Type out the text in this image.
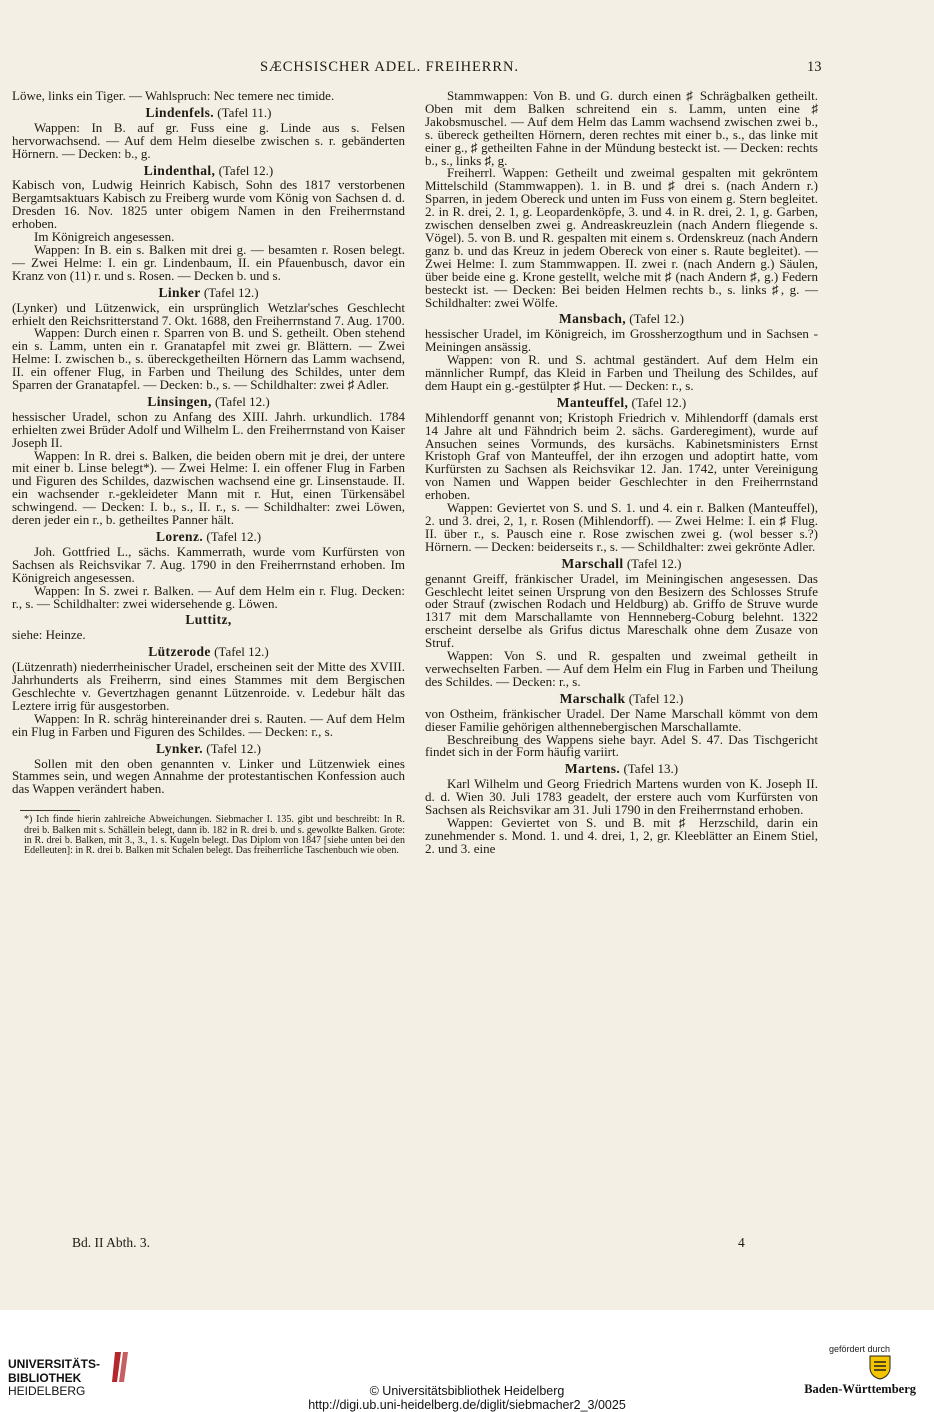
SÆCHSISCHER ADEL. FREIHERRN.	13

Löwe, links ein Tiger. — Wahlspruch: Nec temere nec timide.

Lindenfels. (Tafel 11.)

Wappen: In B. auf gr. Fuss eine g. Linde aus s. Felsen hervorwachsend. — Auf dem Helm dieselbe zwischen s. r. gebänderten Hörnern. — Decken: b., g.

Lindenthal, (Tafel 12.)

Kabisch von, Ludwig Heinrich Kabisch, Sohn des 1817 verstorbenen Bergamtsaktuars Kabisch zu Freiberg wurde vom König von Sachsen d. d. Dresden 16. Nov. 1825 unter obigem Namen in den Freiherrnstand erhoben.

Im Königreich angesessen.

Wappen: In B. ein s. Balken mit drei g. — besamten r. Rosen belegt. — Zwei Helme: I. ein gr. Lindenbaum, II. ein Pfauenbusch, davor ein Kranz von (11) r. und s. Rosen. — Decken b. und s.

Linker (Tafel 12.)

(Lynker) und Lützenwick, ein ursprünglich Wetzlar'sches Geschlecht erhielt den Reichsritterstand 7. Okt. 1688, den Freiherrnstand 7. Aug. 1700.

Wappen: Durch einen r. Sparren von B. und S. getheilt. Oben stehend ein s. Lamm, unten ein r. Granatapfel mit zwei gr. Blättern. — Zwei Helme: I. zwischen b., s. übereckgetheilten Hörnern das Lamm wachsend, II. ein offener Flug, in Farben und Theilung des Schildes, unter dem Sparren der Granatapfel. — Decken: b., s. — Schildhalter: zwei ♯ Adler.

Linsingen, (Tafel 12.)

hessischer Uradel, schon zu Anfang des XIII. Jahrh. urkundlich. 1784 erhielten zwei Brüder Adolf und Wilhelm L. den Freiherrnstand von Kaiser Joseph II.

Wappen: In R. drei s. Balken, die beiden obern mit je drei, der untere mit einer b. Linse belegt*). — Zwei Helme: I. ein offener Flug in Farben und Figuren des Schildes, dazwischen wachsend eine gr. Linsenstaude. II. ein wachsender r.-gekleideter Mann mit r. Hut, einen Türkensäbel schwingend. — Decken: I. b., s., II. r., s. — Schildhalter: zwei Löwen, deren jeder ein r., b. getheiltes Panner hält.

Lorenz. (Tafel 12.)

Joh. Gottfried L., sächs. Kammerrath, wurde vom Kurfürsten von Sachsen als Reichsvikar 7. Aug. 1790 in den Freiherrnstand erhoben. Im Königreich angesessen.

Wappen: In S. zwei r. Balken. — Auf dem Helm ein r. Flug. Decken: r., s. — Schildhalter: zwei widersehende g. Löwen.

Luttitz,

siehe: Heinze.

Lützerode (Tafel 12.)

(Lützenrath) niederrheinischer Uradel, erscheinen seit der Mitte des XVIII. Jahrhunderts als Freiherrn, sind eines Stammes mit dem Bergischen Geschlechte v. Gevertzhagen genannt Lützenroide. v. Ledebur hält das Leztere irrig für ausgestorben.

Wappen: In R. schräg hintereinander drei s. Rauten. — Auf dem Helm ein Flug in Farben und Figuren des Schildes. — Decken: r., s.

Lynker. (Tafel 12.)

Sollen mit den oben genannten v. Linker und Lützenwiek eines Stammes sein, und wegen Annahme der protestantischen Konfession auch das Wappen verändert haben.

*) Ich finde hierin zahlreiche Abweichungen. Siebmacher I. 135. gibt und beschreibt: In R. drei b. Balken mit s. Schällein belegt, dann ib. 182 in R. drei b. und s. gewolkte Balken. Grote: in R. drei b. Balken, mit 3., 3., 1. s. Kugeln belegt. Das Diplom von 1847 [siehe unten bei den Edelleuten]: in R. drei b. Balken mit Schalen belegt. Das freiherrliche Taschenbuch wie oben.

Stammwappen: Von B. und G. durch einen ♯ Schrägbalken getheilt. Oben mit dem Balken schreitend ein s. Lamm, unten eine ♯ Jakobsmuschel. — Auf dem Helm das Lamm wachsend zwischen zwei b., s. übereck getheilten Hörnern, deren rechtes mit einer b., s., das linke mit einer g., ♯ getheilten Fahne in der Mündung besteckt ist. — Decken: rechts b., s., links ♯, g.

Freiherrl. Wappen: Getheilt und zweimal gespalten mit gekröntem Mittelschild (Stammwappen). 1. in B. und ♯ drei s. (nach Andern r.) Sparren, in jedem Obereck und unten im Fuss von einem g. Stern begleitet. 2. in R. drei, 2. 1, g. Leopardenköpfe, 3. und 4. in R. drei, 2. 1, g. Garben, zwischen denselben zwei g. Andreaskreuzlein (nach Andern fliegende s. Vögel). 5. von B. und R. gespalten mit einem s. Ordenskreuz (nach Andern ganz b. und das Kreuz in jedem Obereck von einer s. Raute begleitet). — Zwei Helme: I. zum Stammwappen. II. zwei r. (nach Andern g.) Säulen, über beide eine g. Krone gestellt, welche mit ♯ (nach Andern ♯, g.) Federn besteckt ist. — Decken: Bei beiden Helmen rechts b., s. links ♯, g. — Schildhalter: zwei Wölfe.

Mansbach, (Tafel 12.)

hessischer Uradel, im Königreich, im Grossherzogthum und in Sachsen - Meiningen ansässig.

Wappen: von R. und S. achtmal geständert. Auf dem Helm ein männlicher Rumpf, das Kleid in Farben und Theilung des Schildes, auf dem Haupt ein g.-gestülpter ♯ Hut. — Decken: r., s.

Manteuffel, (Tafel 12.)

Mihlendorff genannt von; Kristoph Friedrich v. Mihlendorff (damals erst 14 Jahre alt und Fähndrich beim 2. sächs. Garderegiment), wurde auf Ansuchen seines Vormunds, des kursächs. Kabinetsministers Ernst Kristoph Graf von Manteuffel, der ihn erzogen und adoptirt hatte, vom Kurfürsten zu Sachsen als Reichsvikar 12. Jan. 1742, unter Vereinigung von Namen und Wappen beider Geschlechter in den Freiherrnstand erhoben.

Wappen: Geviertet von S. und S. 1. und 4. ein r. Balken (Manteuffel), 2. und 3. drei, 2, 1, r. Rosen (Mihlendorff). — Zwei Helme: I. ein ♯ Flug. II. über r., s. Pausch eine r. Rose zwischen zwei g. (wol besser s.?) Hörnern. — Decken: beiderseits r., s. — Schildhalter: zwei gekrönte Adler.

Marschall (Tafel 12.)

genannt Greiff, fränkischer Uradel, im Meiningischen angesessen. Das Geschlecht leitet seinen Ursprung von den Besizern des Schlosses Strufe oder Strauf (zwischen Rodach und Heldburg) ab. Griffo de Struve wurde 1317 mit dem Marschallamte von Hennneberg-Coburg belehnt. 1322 erscheint derselbe als Grifus dictus Mareschalk ohne dem Zusaze von Struf.

Wappen: Von S. und R. gespalten und zweimal getheilt in verwechselten Farben. — Auf dem Helm ein Flug in Farben und Theilung des Schildes. — Decken: r., s.

Marschalk (Tafel 12.)

von Ostheim, fränkischer Uradel. Der Name Marschall kömmt von dem dieser Familie gehörigen althennebergischen Marschallamte.

Beschreibung des Wappens siehe bayr. Adel S. 47. Das Tischgericht findet sich in der Form häufig variirt.

Martens. (Tafel 13.)

Karl Wilhelm und Georg Friedrich Martens wurden von K. Joseph II. d. d. Wien 30. Juli 1783 geadelt, der erstere auch vom Kurfürsten von Sachsen als Reichsvikar am 31. Juli 1790 in den Freiherrnstand erhoben.

Wappen: Geviertet von S. und B. mit ♯ Herzschild, darin ein zunehmender s. Mond. 1. und 4. drei, 1, 2, gr. Kleeblätter an Einem Stiel, 2. und 3. eine

Bd. II Abth. 3.	4
UNIVERSITÄTS-
BIBLIOTHEK
HEIDELBERG	© Universitätsbibliothek Heidelberg
http://digi.ub.uni-heidelberg.de/diglit/siebmacher2_3/0025
gefördert durch
Baden-Württemberg
